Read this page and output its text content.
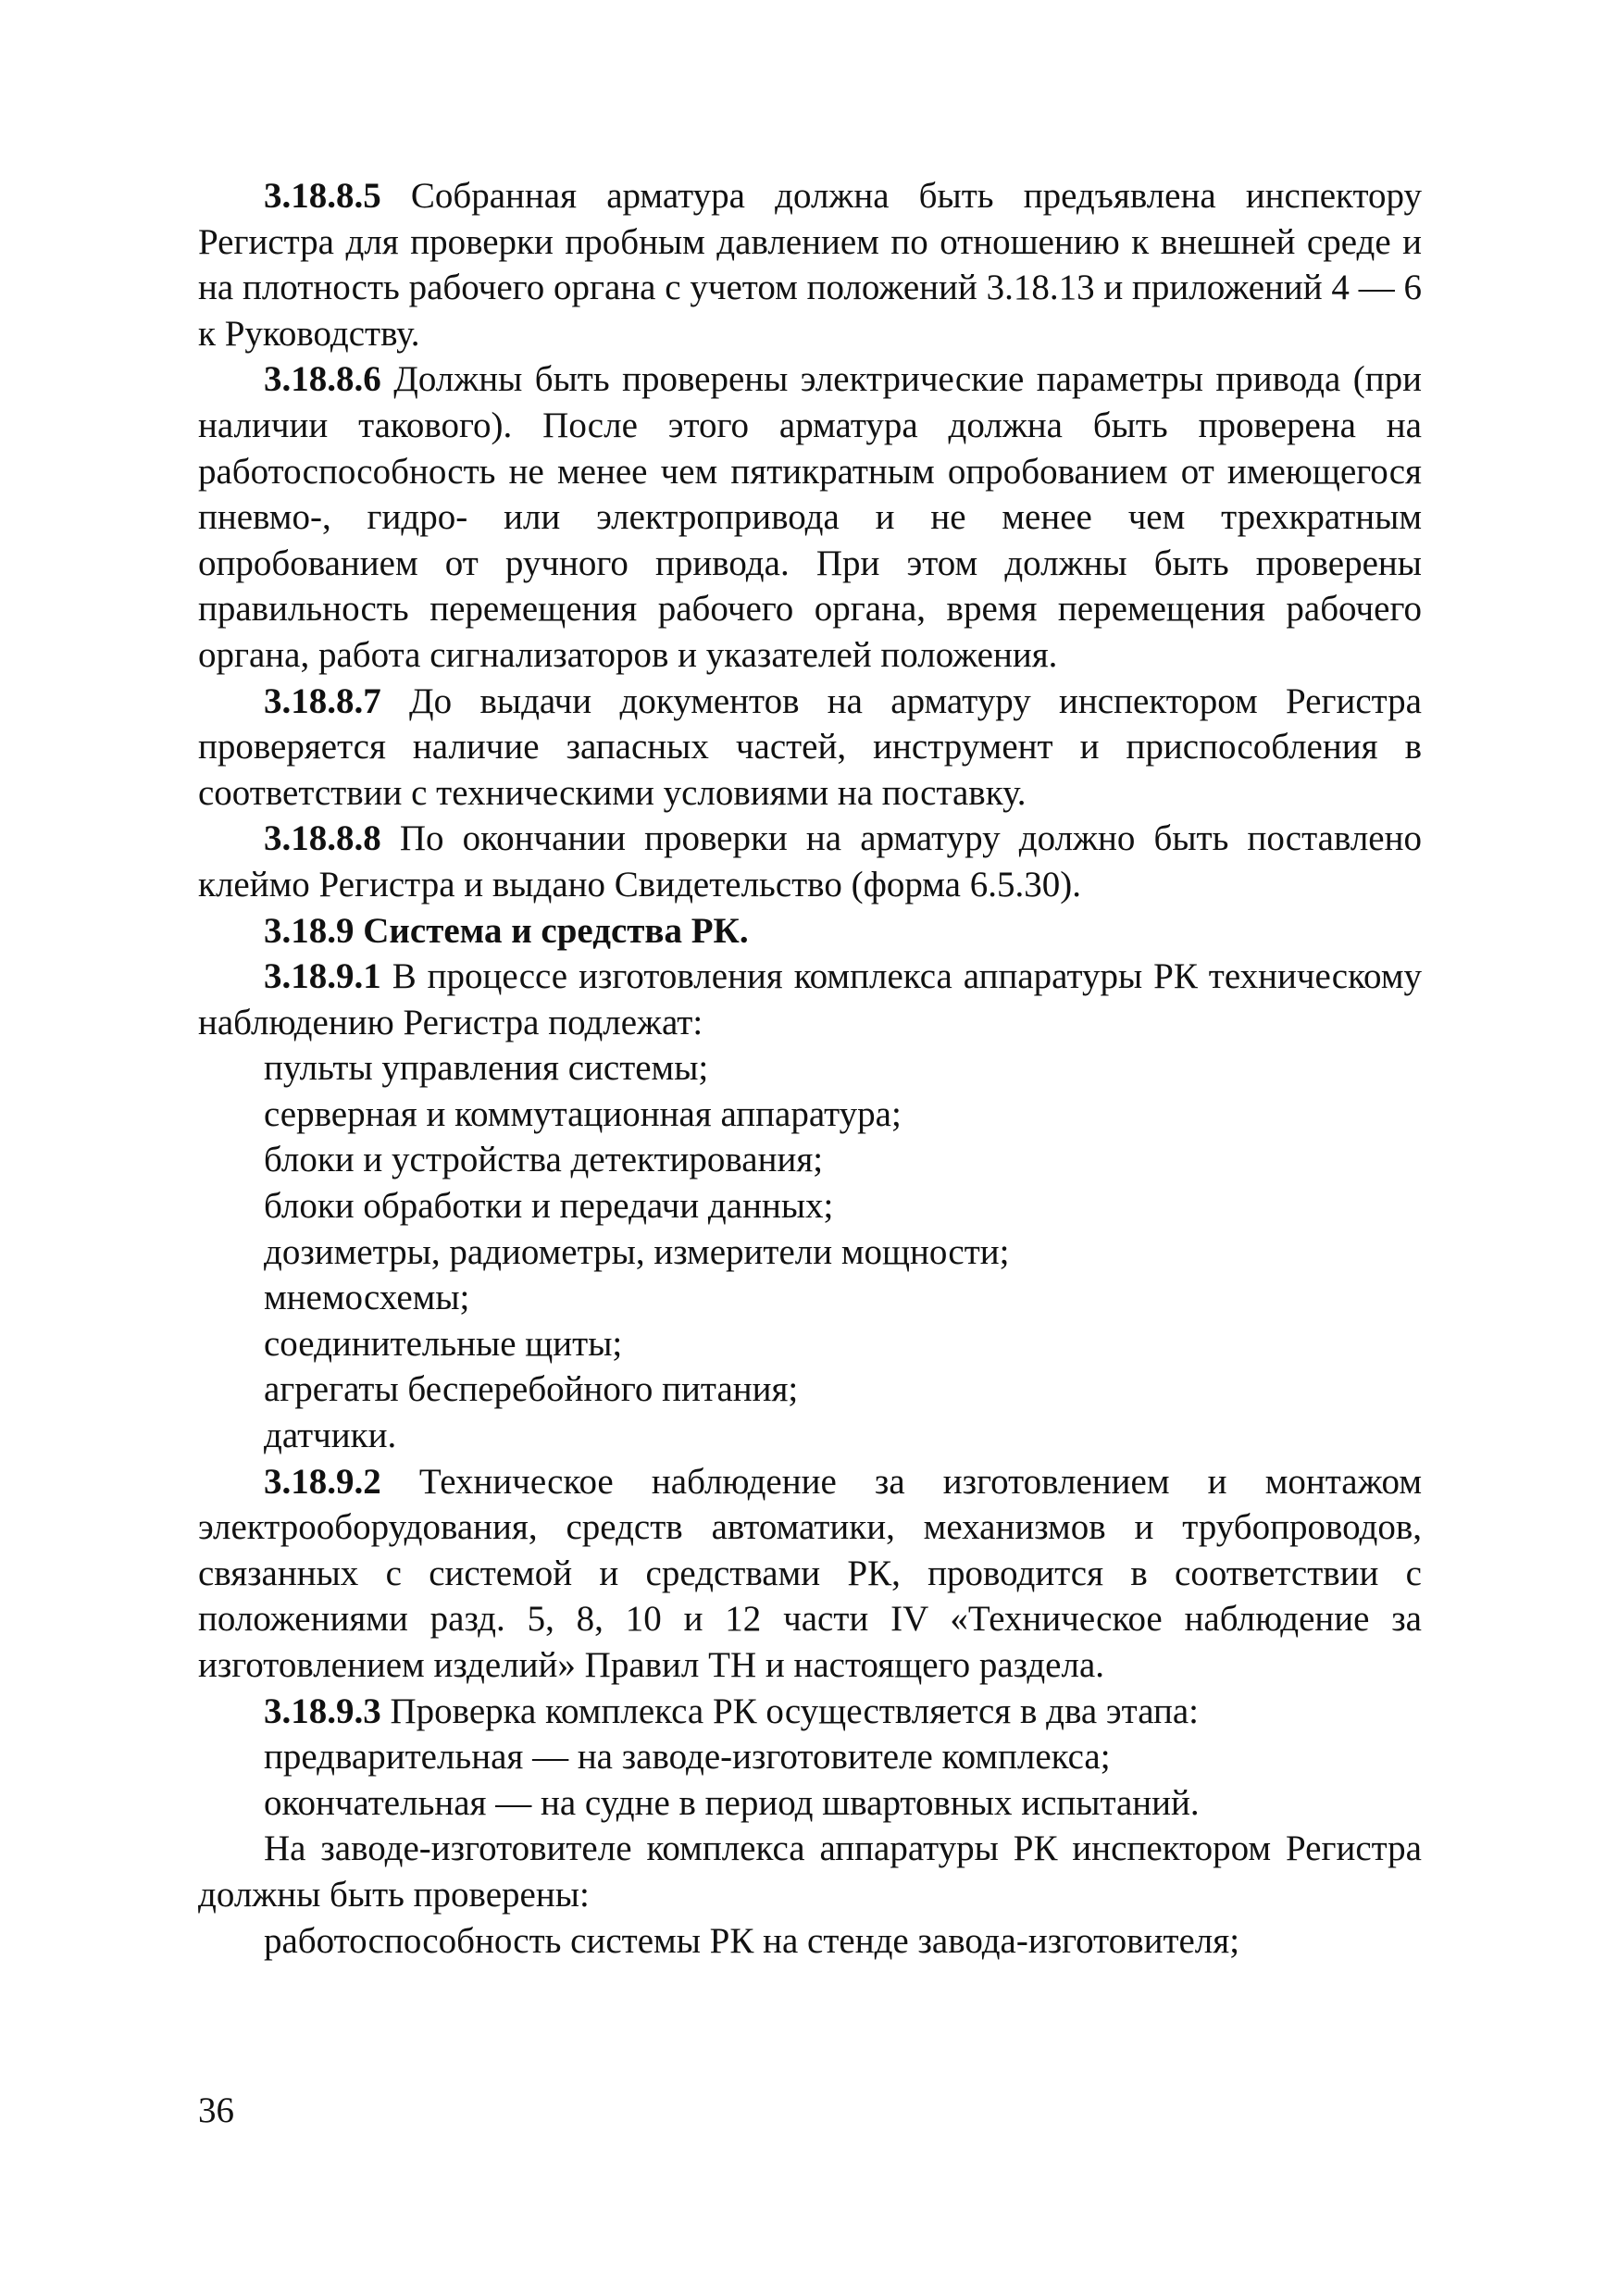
3.18.8.5 Собранная арматура должна быть предъявлена инспектору Регистра для проверки пробным давлением по отношению к внешней среде и на плотность рабочего органа с учетом положений 3.18.13 и приложений 4 — 6 к Руководству.

3.18.8.6 Должны быть проверены электрические параметры привода (при наличии такового). После этого арматура должна быть проверена на работоспособность не менее чем пятикратным опробованием от имеющегося пневмо-, гидро- или электропривода и не менее чем трехкратным опробованием от ручного привода. При этом должны быть проверены правильность перемещения рабочего органа, время перемещения рабочего органа, работа сигнализаторов и указателей положения.

3.18.8.7 До выдачи документов на арматуру инспектором Регистра проверяется наличие запасных частей, инструмент и приспособления в соответствии с техническими условиями на поставку.

3.18.8.8 По окончании проверки на арматуру должно быть поставлено клеймо Регистра и выдано Свидетельство (форма 6.5.30).

3.18.9 Система и средства РК.

3.18.9.1 В процессе изготовления комплекса аппаратуры РК техническому наблюдению Регистра подлежат:

пульты управления системы;

серверная и коммутационная аппаратура;

блоки и устройства детектирования;

блоки обработки и передачи данных;

дозиметры, радиометры, измерители мощности;

мнемосхемы;

соединительные щиты;

агрегаты бесперебойного питания;

датчики.

3.18.9.2 Техническое наблюдение за изготовлением и монтажом электрооборудования, средств автоматики, механизмов и трубопроводов, связанных с системой и средствами РК, проводится в соответствии с положениями разд. 5, 8, 10 и 12 части IV «Техническое наблюдение за изготовлением изделий» Правил ТН и настоящего раздела.

3.18.9.3 Проверка комплекса РК осуществляется в два этапа:

предварительная — на заводе-изготовителе комплекса;

окончательная — на судне в период швартовных испытаний.

На заводе-изготовителе комплекса аппаратуры РК инспектором Регистра должны быть проверены:

работоспособность системы РК на стенде завода-изготовителя;

36
